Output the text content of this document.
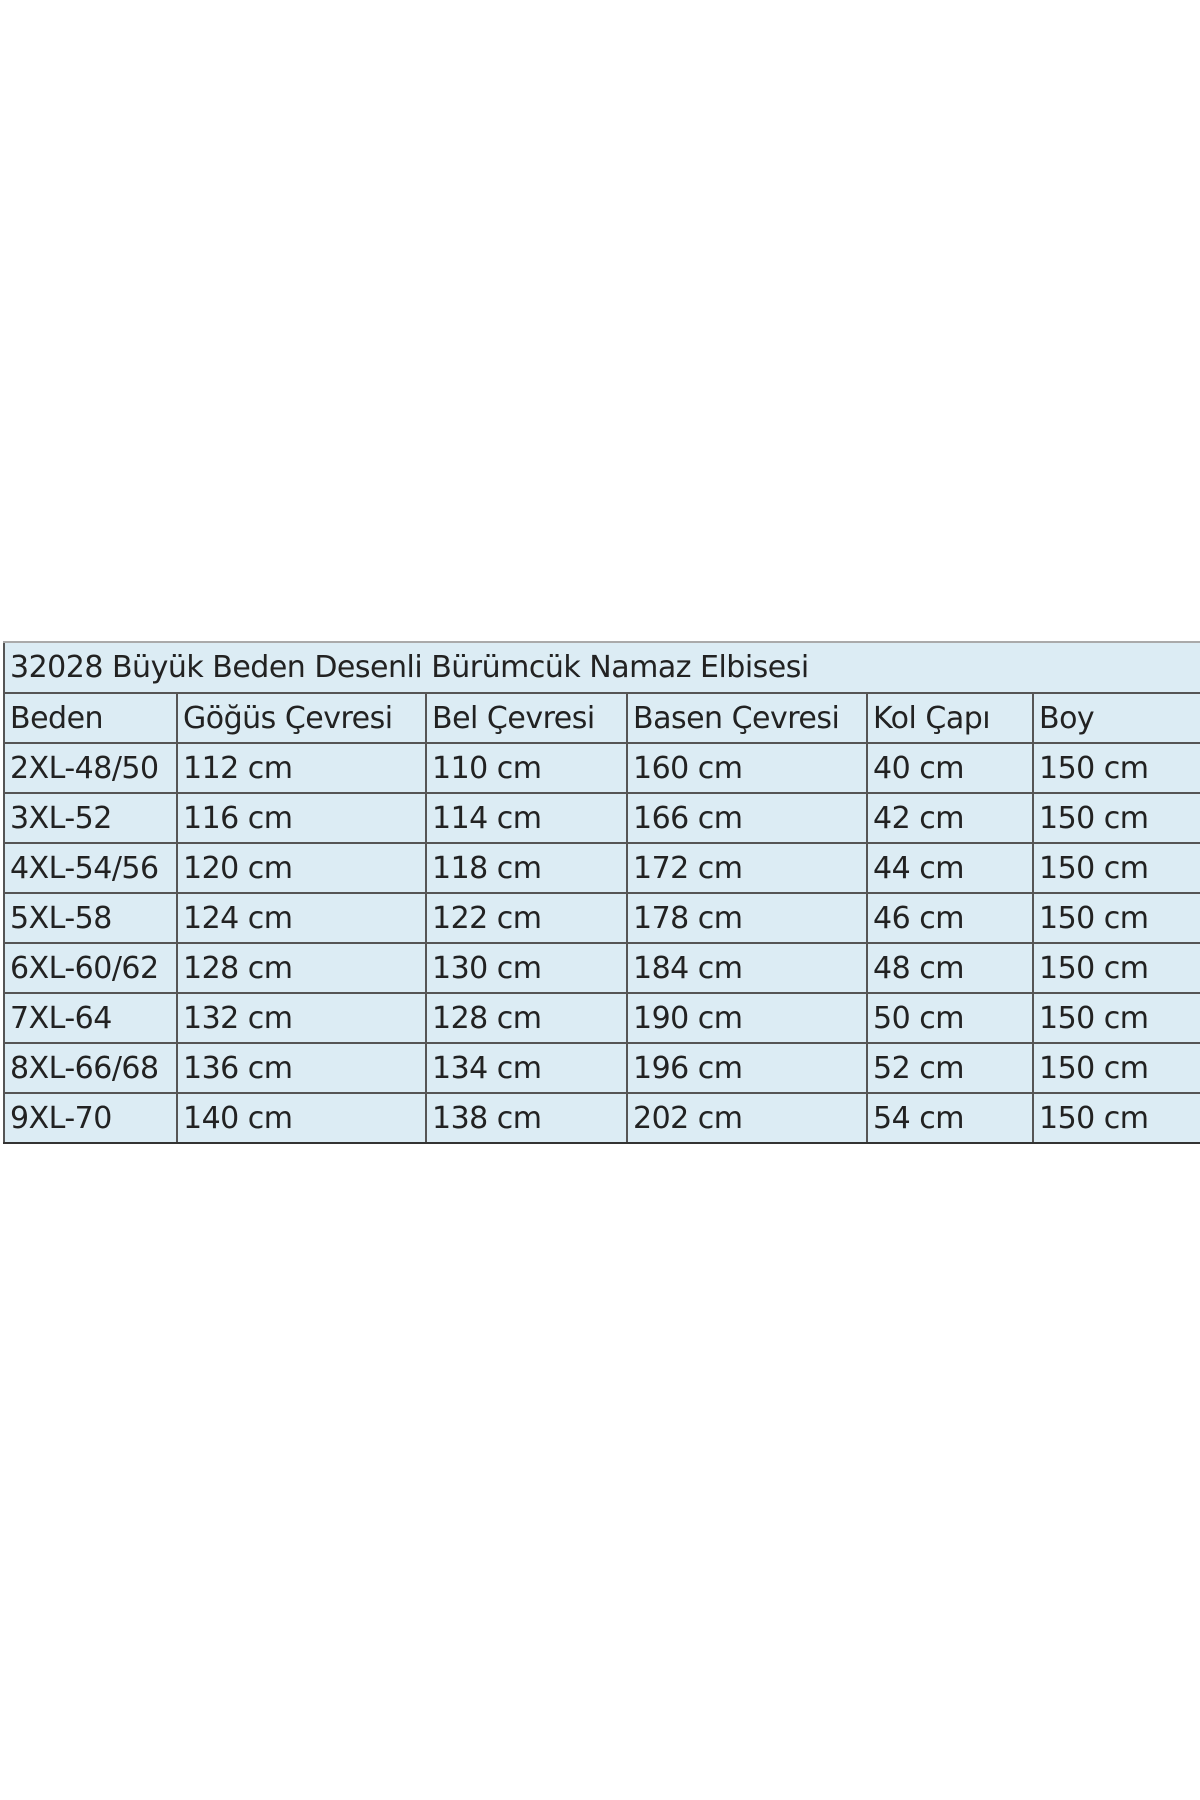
32028 Büyük Beden Desenli Bürümcük Namaz Elbisesi					
Beden	Göğüs Çevresi	Bel Çevresi	Basen Çevresi	Kol Çapı	Boy
2XL-48/50	112 cm	110 cm	160 cm	40 cm	150 cm
3XL-52	116 cm	114 cm	166 cm	42 cm	150 cm
4XL-54/56	120 cm	118 cm	172 cm	44 cm	150 cm
5XL-58	124 cm	122 cm	178 cm	46 cm	150 cm
6XL-60/62	128 cm	130 cm	184 cm	48 cm	150 cm
7XL-64	132 cm	128 cm	190 cm	50 cm	150 cm
8XL-66/68	136 cm	134 cm	196 cm	52 cm	150 cm
9XL-70	140 cm	138 cm	202 cm	54 cm	150 cm
